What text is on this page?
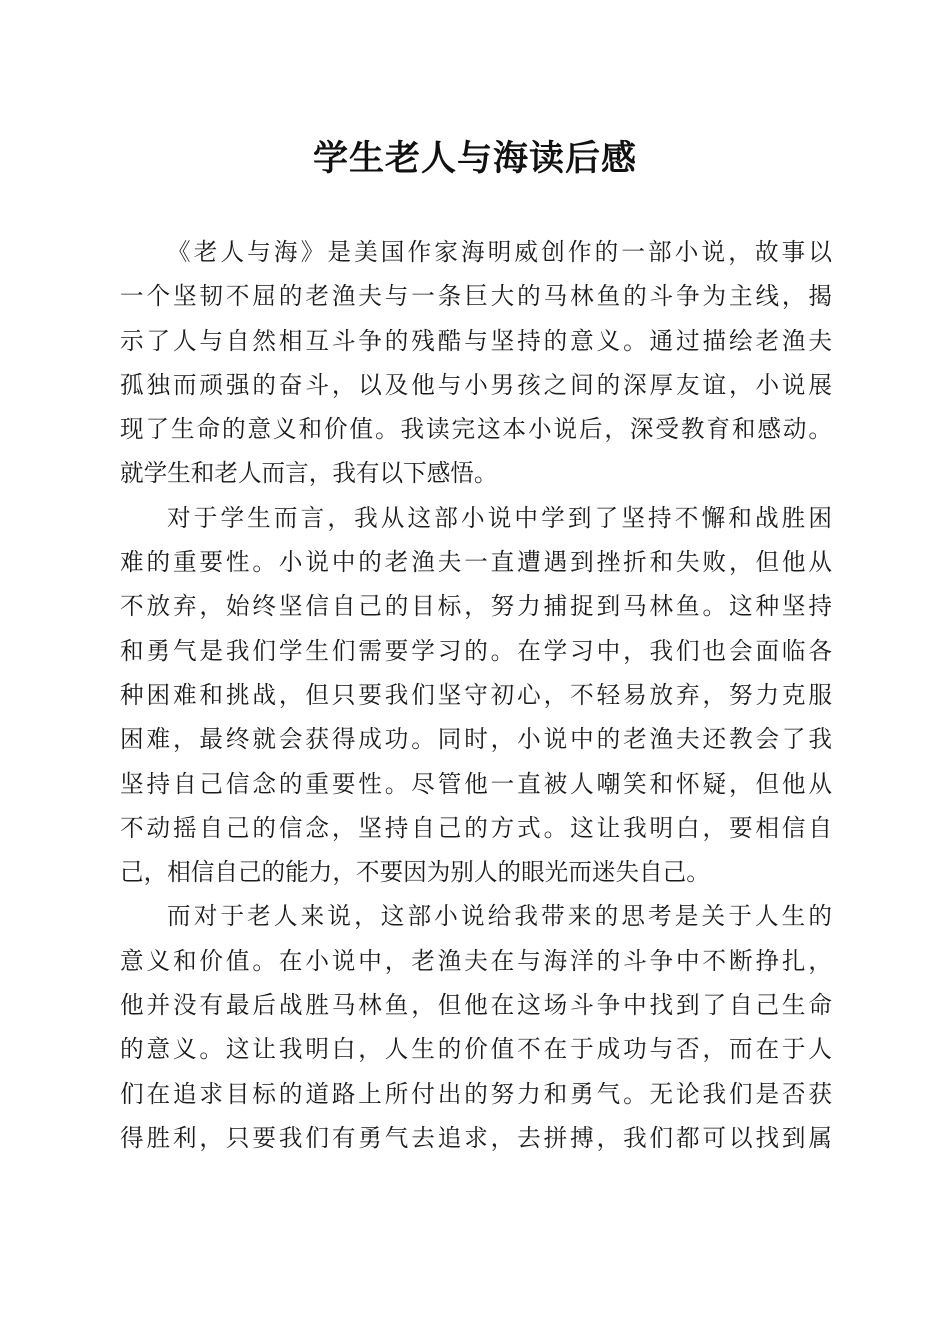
学生老人与海读后感
《老人与海》是美国作家海明威创作的一部小说，故事以
一个坚韧不屈的老渔夫与一条巨大的马林鱼的斗争为主线，揭
示了人与自然相互斗争的残酷与坚持的意义。通过描绘老渔夫
孤独而顽强的奋斗，以及他与小男孩之间的深厚友谊，小说展
现了生命的意义和价值。我读完这本小说后，深受教育和感动。
就学生和老人而言，我有以下感悟。
对于学生而言，我从这部小说中学到了坚持不懈和战胜困
难的重要性。小说中的老渔夫一直遭遇到挫折和失败，但他从
不放弃，始终坚信自己的目标，努力捕捉到马林鱼。这种坚持
和勇气是我们学生们需要学习的。在学习中，我们也会面临各
种困难和挑战，但只要我们坚守初心，不轻易放弃，努力克服
困难，最终就会获得成功。同时，小说中的老渔夫还教会了我
坚持自己信念的重要性。尽管他一直被人嘲笑和怀疑，但他从
不动摇自己的信念，坚持自己的方式。这让我明白，要相信自
己，相信自己的能力，不要因为别人的眼光而迷失自己。
而对于老人来说，这部小说给我带来的思考是关于人生的
意义和价值。在小说中，老渔夫在与海洋的斗争中不断挣扎，
他并没有最后战胜马林鱼，但他在这场斗争中找到了自己生命
的意义。这让我明白，人生的价值不在于成功与否，而在于人
们在追求目标的道路上所付出的努力和勇气。无论我们是否获
得胜利，只要我们有勇气去追求，去拼搏，我们都可以找到属
